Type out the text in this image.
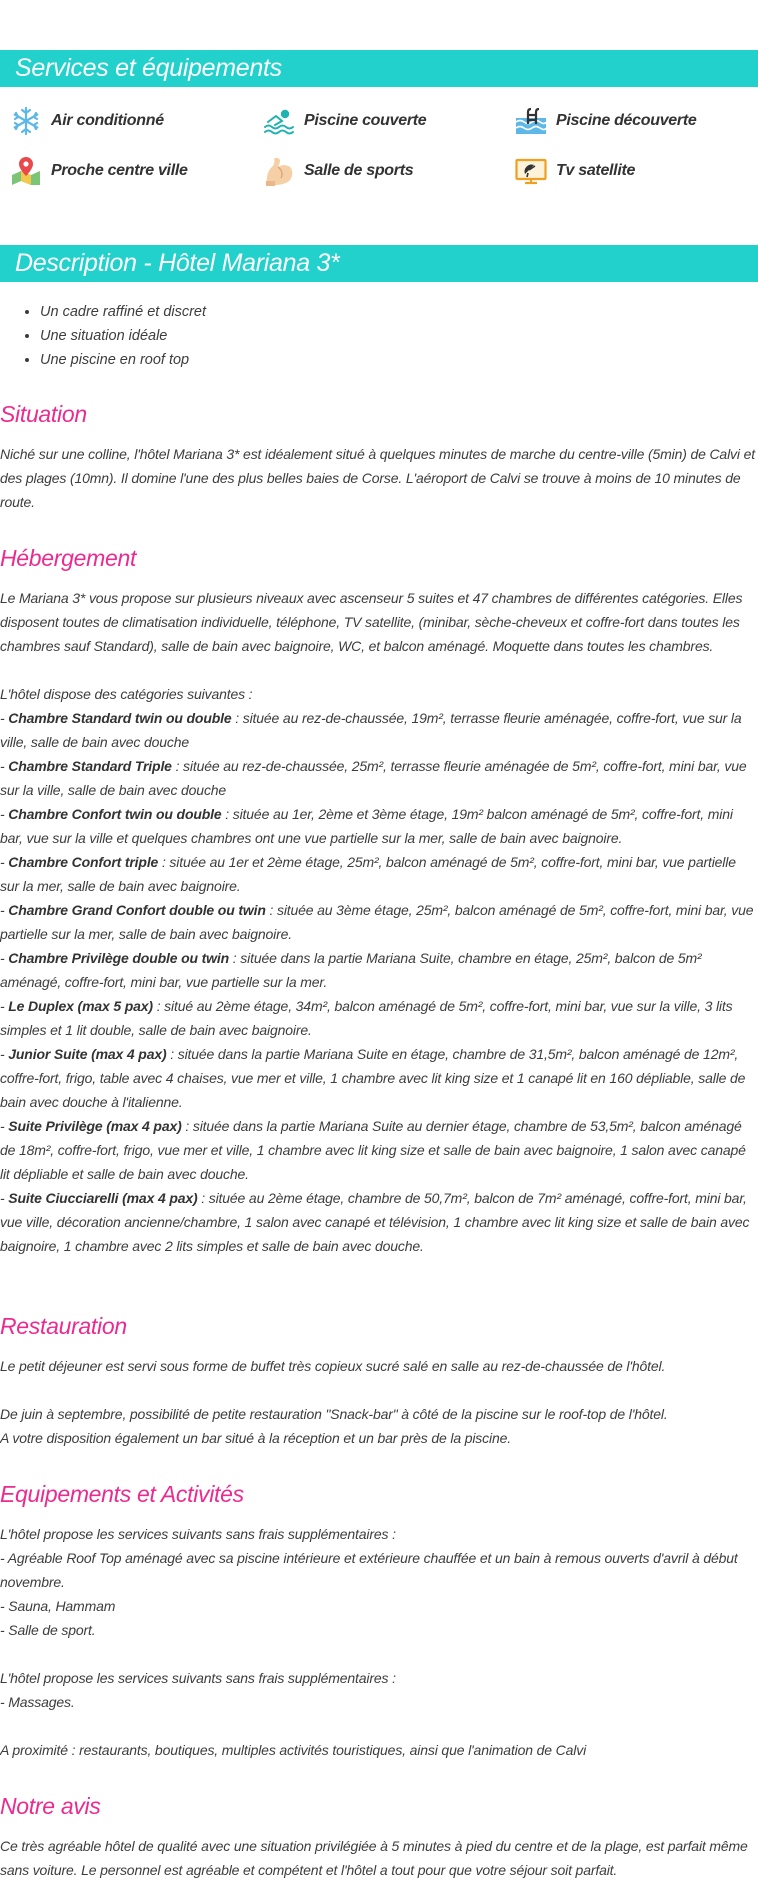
Services et équipements
Air conditionné	Piscine couverte	Piscine découverte
Proche centre ville	Salle de sports	Tv satellite
Description - Hôtel Mariana 3*
• Un cadre raffiné et discret
• Une situation idéale
• Une piscine en roof top
Situation

Niché sur une colline, l'hôtel Mariana 3* est idéalement situé à quelques minutes de marche du centre-ville (5min) de Calvi et des plages (10mn). Il domine l'une des plus belles baies de Corse. L'aéroport de Calvi se trouve à moins de 10 minutes de route.

Hébergement

Le Mariana 3* vous propose sur plusieurs niveaux avec ascenseur 5 suites et 47 chambres de différentes catégories. Elles disposent toutes de climatisation individuelle, téléphone, TV satellite, (minibar, sèche-cheveux et coffre-fort dans toutes les chambres sauf Standard), salle de bain avec baignoire, WC, et balcon aménagé. Moquette dans toutes les chambres.

L'hôtel dispose des catégories suivantes :

- Chambre Standard twin ou double : située au rez-de-chaussée, 19m², terrasse fleurie aménagée, coffre-fort, vue sur la ville, salle de bain avec douche

- Chambre Standard Triple : située au rez-de-chaussée, 25m², terrasse fleurie aménagée de 5m², coffre-fort, mini bar, vue sur la ville, salle de bain avec douche

- Chambre Confort twin ou double : située au 1er, 2ème et 3ème étage, 19m² balcon aménagé de 5m², coffre-fort, mini bar, vue sur la ville et quelques chambres ont une vue partielle sur la mer, salle de bain avec baignoire.

- Chambre Confort triple : située au 1er et 2ème étage, 25m², balcon aménagé de 5m², coffre-fort, mini bar, vue partielle sur la mer, salle de bain avec baignoire.

- Chambre Grand Confort double ou twin : située au 3ème étage, 25m², balcon aménagé de 5m², coffre-fort, mini bar, vue partielle sur la mer, salle de bain avec baignoire.

- Chambre Privilège double ou twin : située dans la partie Mariana Suite, chambre en étage, 25m², balcon de 5m² aménagé, coffre-fort, mini bar, vue partielle sur la mer.

- Le Duplex (max 5 pax) : situé au 2ème étage, 34m², balcon aménagé de 5m², coffre-fort, mini bar, vue sur la ville, 3 lits simples et 1 lit double, salle de bain avec baignoire.

- Junior Suite (max 4 pax) : située dans la partie Mariana Suite en étage, chambre de 31,5m², balcon aménagé de 12m², coffre-fort, frigo, table avec 4 chaises, vue mer et ville, 1 chambre avec lit king size et 1 canapé lit en 160 dépliable, salle de bain avec douche à l'italienne.

- Suite Privilège (max 4 pax) : située dans la partie Mariana Suite au dernier étage, chambre de 53,5m², balcon aménagé de 18m², coffre-fort, frigo, vue mer et ville, 1 chambre avec lit king size et salle de bain avec baignoire, 1 salon avec canapé lit dépliable et salle de bain avec douche.

- Suite Ciucciarelli (max 4 pax) : située au 2ème étage, chambre de 50,7m², balcon de 7m² aménagé, coffre-fort, mini bar, vue ville, décoration ancienne/chambre, 1 salon avec canapé et télévision, 1 chambre avec lit king size et salle de bain avec baignoire, 1 chambre avec 2 lits simples et salle de bain avec douche.

Restauration

Le petit déjeuner est servi sous forme de buffet très copieux sucré salé en salle au rez-de-chaussée de l'hôtel.

De juin à septembre, possibilité de petite restauration "Snack-bar" à côté de la piscine sur le roof-top de l'hôtel.

A votre disposition également un bar situé à la réception et un bar près de la piscine.

Equipements et Activités

L'hôtel propose les services suivants sans frais supplémentaires :

- Agréable Roof Top aménagé avec sa piscine intérieure et extérieure chauffée et un bain à remous ouverts d'avril à début novembre.

- Sauna, Hammam

- Salle de sport.

L'hôtel propose les services suivants sans frais supplémentaires :

- Massages.

A proximité : restaurants, boutiques, multiples activités touristiques, ainsi que l'animation de Calvi

Notre avis

Ce très agréable hôtel de qualité avec une situation privilégiée à 5 minutes à pied du centre et de la plage, est parfait même sans voiture. Le personnel est agréable et compétent et l'hôtel a tout pour que votre séjour soit parfait.
